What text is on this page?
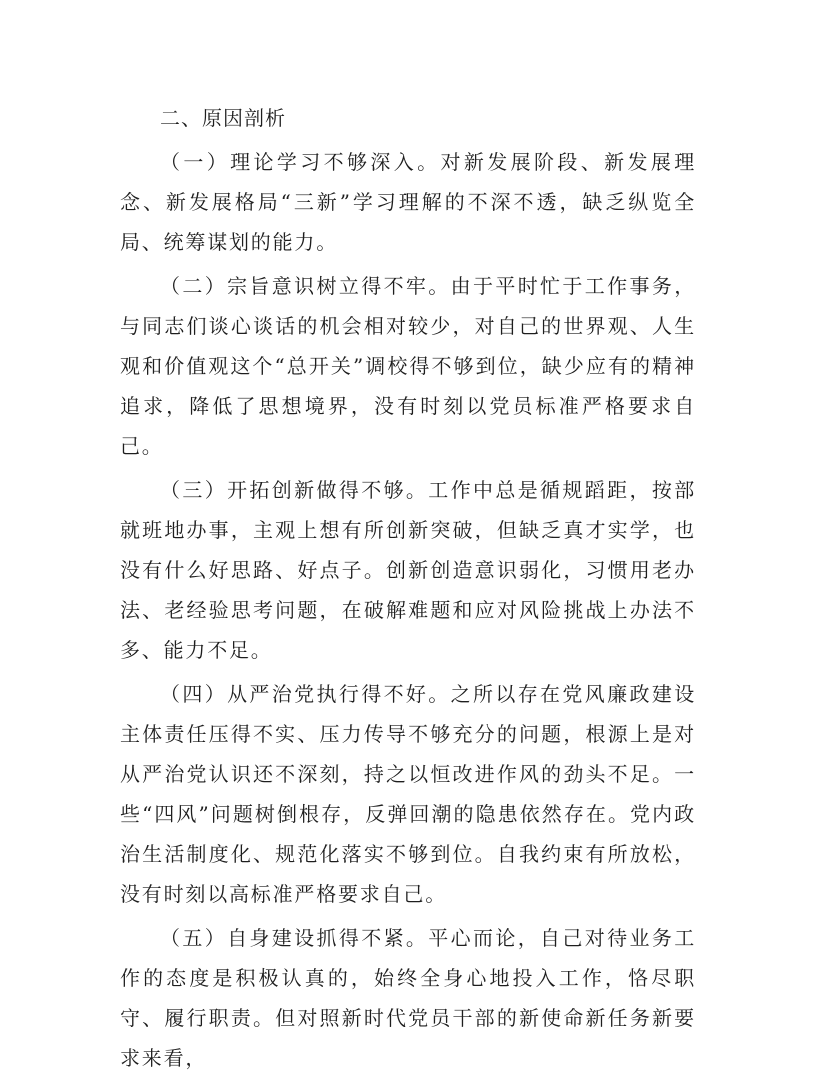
二、原因剖析

（一）理论学习不够深入。对新发展阶段、新发展理念、新发展格局“三新”学习理解的不深不透，缺乏纵览全局、统筹谋划的能力。

（二）宗旨意识树立得不牢。由于平时忙于工作事务，与同志们谈心谈话的机会相对较少，对自己的世界观、人生观和价值观这个“总开关”调校得不够到位，缺少应有的精神追求，降低了思想境界，没有时刻以党员标准严格要求自己。

（三）开拓创新做得不够。工作中总是循规蹈距，按部就班地办事，主观上想有所创新突破，但缺乏真才实学，也没有什么好思路、好点子。创新创造意识弱化，习惯用老办法、老经验思考问题，在破解难题和应对风险挑战上办法不多、能力不足。

（四）从严治党执行得不好。之所以存在党风廉政建设主体责任压得不实、压力传导不够充分的问题，根源上是对从严治党认识还不深刻，持之以恒改进作风的劲头不足。一些“四风”问题树倒根存，反弹回潮的隐患依然存在。党内政治生活制度化、规范化落实不够到位。自我约束有所放松，没有时刻以高标准严格要求自己。

（五）自身建设抓得不紧。平心而论，自己对待业务工作的态度是积极认真的，始终全身心地投入工作，恪尽职守、履行职责。但对照新时代党员干部的新使命新任务新要求来看，
